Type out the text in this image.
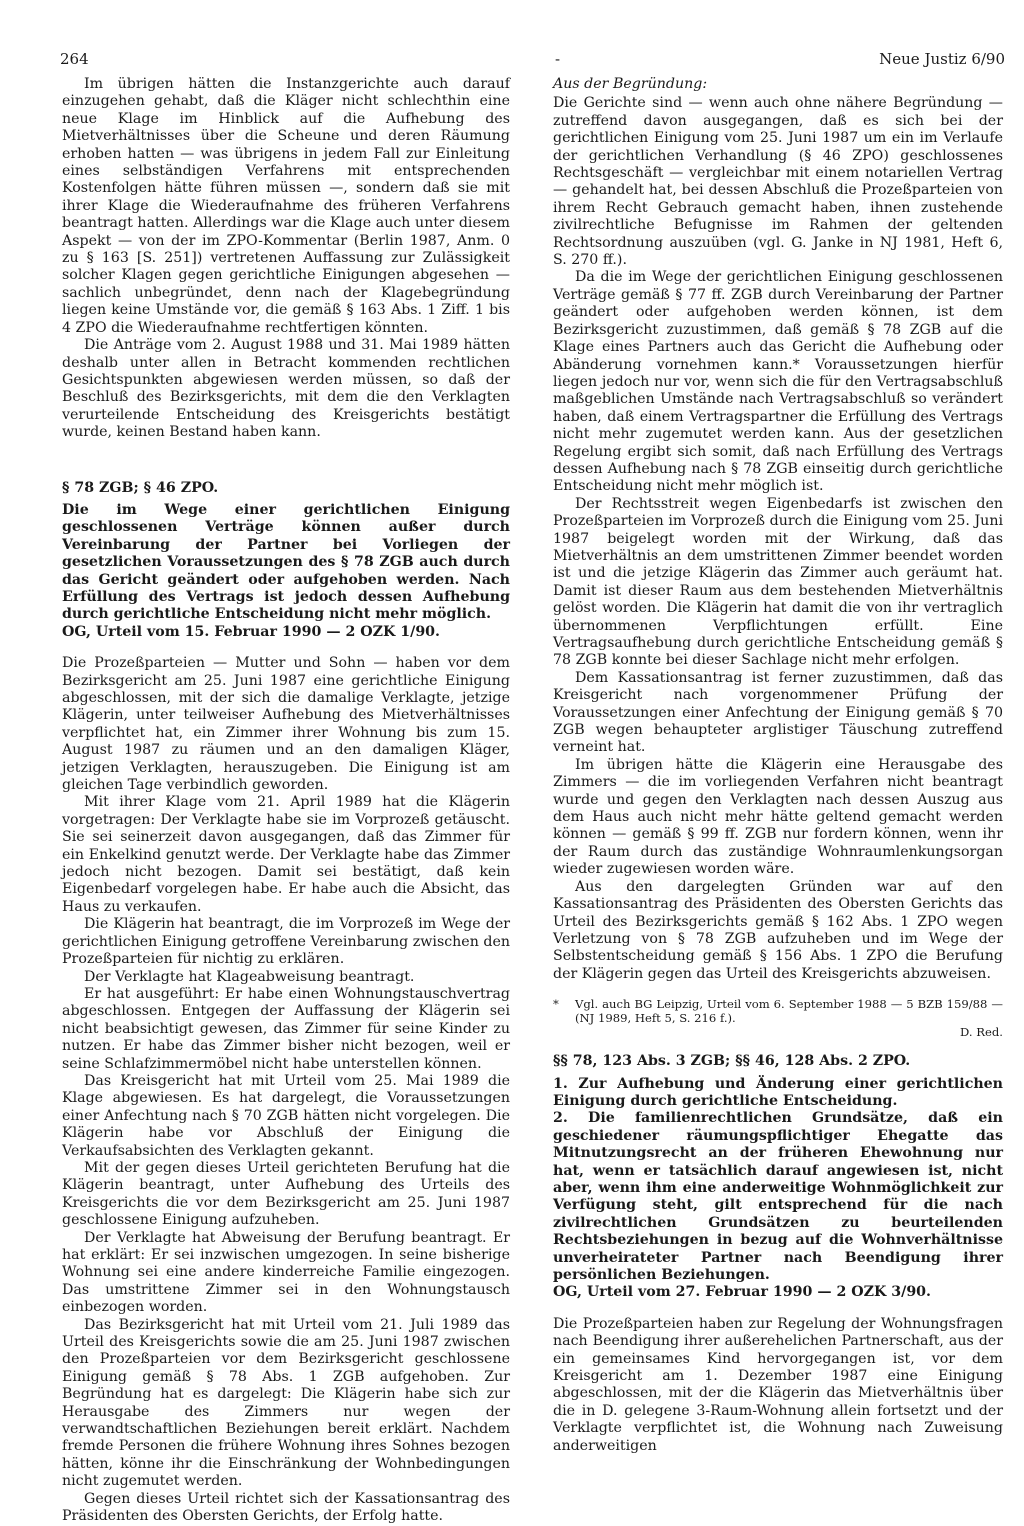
264	-	Neue Justiz 6/90

Im übrigen hätten die Instanzgerichte auch darauf einzugehen gehabt, daß die Kläger nicht schlechthin eine neue Klage im Hinblick auf die Aufhebung des Mietverhältnisses über die Scheune und deren Räumung erhoben hatten — was übrigens in jedem Fall zur Einleitung eines selbständigen Verfahrens mit entsprechenden Kostenfolgen hätte führen müssen —, sondern daß sie mit ihrer Klage die Wiederaufnahme des früheren Verfahrens beantragt hatten. Allerdings war die Klage auch unter diesem Aspekt — von der im ZPO-Kommentar (Berlin 1987, Anm. 0 zu § 163 [S. 251]) vertretenen Auffassung zur Zulässigkeit solcher Klagen gegen gerichtliche Einigungen abgesehen — sachlich unbegründet, denn nach der Klagebegründung liegen keine Umstände vor, die gemäß § 163 Abs. 1 Ziff. 1 bis 4 ZPO die Wiederaufnahme rechtfertigen könnten.

Die Anträge vom 2. August 1988 und 31. Mai 1989 hätten deshalb unter allen in Betracht kommenden rechtlichen Gesichtspunkten abgewiesen werden müssen, so daß der Beschluß des Bezirksgerichts, mit dem die den Verklagten verurteilende Entscheidung des Kreisgerichts bestätigt wurde, keinen Bestand haben kann.

§ 78 ZGB; § 46 ZPO.

Die im Wege einer gerichtlichen Einigung geschlossenen Verträge können außer durch Vereinbarung der Partner bei Vorliegen der gesetzlichen Voraussetzungen des § 78 ZGB auch durch das Gericht geändert oder aufgehoben werden. Nach Erfüllung des Vertrags ist jedoch dessen Aufhebung durch gerichtliche Entscheidung nicht mehr möglich.

OG, Urteil vom 15. Februar 1990 — 2 OZK 1/90.

Die Prozeßparteien — Mutter und Sohn — haben vor dem Bezirksgericht am 25. Juni 1987 eine gerichtliche Einigung abgeschlossen, mit der sich die damalige Verklagte, jetzige Klägerin, unter teilweiser Aufhebung des Mietverhältnisses verpflichtet hat, ein Zimmer ihrer Wohnung bis zum 15. August 1987 zu räumen und an den damaligen Kläger, jetzigen Verklagten, herauszugeben. Die Einigung ist am gleichen Tage verbindlich geworden.

Mit ihrer Klage vom 21. April 1989 hat die Klägerin vorgetragen: Der Verklagte habe sie im Vorprozeß getäuscht. Sie sei seinerzeit davon ausgegangen, daß das Zimmer für ein Enkelkind genutzt werde. Der Verklagte habe das Zimmer jedoch nicht bezogen. Damit sei bestätigt, daß kein Eigenbedarf vorgelegen habe. Er habe auch die Absicht, das Haus zu verkaufen.

Die Klägerin hat beantragt, die im Vorprozeß im Wege der gerichtlichen Einigung getroffene Vereinbarung zwischen den Prozeßparteien für nichtig zu erklären.

Der Verklagte hat Klageabweisung beantragt.

Er hat ausgeführt: Er habe einen Wohnungstauschvertrag abgeschlossen. Entgegen der Auffassung der Klägerin sei nicht beabsichtigt gewesen, das Zimmer für seine Kinder zu nutzen. Er habe das Zimmer bisher nicht bezogen, weil er seine Schlafzimmermöbel nicht habe unterstellen können.

Das Kreisgericht hat mit Urteil vom 25. Mai 1989 die Klage abgewiesen. Es hat dargelegt, die Voraussetzungen einer Anfechtung nach § 70 ZGB hätten nicht vorgelegen. Die Klägerin habe vor Abschluß der Einigung die Verkaufsabsichten des Verklagten gekannt.

Mit der gegen dieses Urteil gerichteten Berufung hat die Klägerin beantragt, unter Aufhebung des Urteils des Kreisgerichts die vor dem Bezirksgericht am 25. Juni 1987 geschlossene Einigung aufzuheben.

Der Verklagte hat Abweisung der Berufung beantragt. Er hat erklärt: Er sei inzwischen umgezogen. In seine bisherige Wohnung sei eine andere kinderreiche Familie eingezogen. Das umstrittene Zimmer sei in den Wohnungstausch einbezogen worden.

Das Bezirksgericht hat mit Urteil vom 21. Juli 1989 das Urteil des Kreisgerichts sowie die am 25. Juni 1987 zwischen den Prozeßparteien vor dem Bezirksgericht geschlossene Einigung gemäß § 78 Abs. 1 ZGB aufgehoben. Zur Begründung hat es dargelegt: Die Klägerin habe sich zur Herausgabe des Zimmers nur wegen der verwandtschaftlichen Beziehungen bereit erklärt. Nachdem fremde Personen die frühere Wohnung ihres Sohnes bezogen hätten, könne ihr die Einschränkung der Wohnbedingungen nicht zugemutet werden.

Gegen dieses Urteil richtet sich der Kassationsantrag des Präsidenten des Obersten Gerichts, der Erfolg hatte.

Aus der Begründung:

Die Gerichte sind — wenn auch ohne nähere Begründung — zutreffend davon ausgegangen, daß es sich bei der gerichtlichen Einigung vom 25. Juni 1987 um ein im Verlaufe der gerichtlichen Verhandlung (§ 46 ZPO) geschlossenes Rechtsgeschäft — vergleichbar mit einem notariellen Vertrag — gehandelt hat, bei dessen Abschluß die Prozeßparteien von ihrem Recht Gebrauch gemacht haben, ihnen zustehende zivilrechtliche Befugnisse im Rahmen der geltenden Rechtsordnung auszuüben (vgl. G. Janke in NJ 1981, Heft 6, S. 270 ff.).

Da die im Wege der gerichtlichen Einigung geschlossenen Verträge gemäß § 77 ff. ZGB durch Vereinbarung der Partner geändert oder aufgehoben werden können, ist dem Bezirksgericht zuzustimmen, daß gemäß § 78 ZGB auf die Klage eines Partners auch das Gericht die Aufhebung oder Abänderung vornehmen kann.* Voraussetzungen hierfür liegen jedoch nur vor, wenn sich die für den Vertragsabschluß maßgeblichen Umstände nach Vertragsabschluß so verändert haben, daß einem Vertragspartner die Erfüllung des Vertrags nicht mehr zugemutet werden kann. Aus der gesetzlichen Regelung ergibt sich somit, daß nach Erfüllung des Vertrags dessen Aufhebung nach § 78 ZGB einseitig durch gerichtliche Entscheidung nicht mehr möglich ist.

Der Rechtsstreit wegen Eigenbedarfs ist zwischen den Prozeßparteien im Vorprozeß durch die Einigung vom 25. Juni 1987 beigelegt worden mit der Wirkung, daß das Mietverhältnis an dem umstrittenen Zimmer beendet worden ist und die jetzige Klägerin das Zimmer auch geräumt hat. Damit ist dieser Raum aus dem bestehenden Mietverhältnis gelöst worden. Die Klägerin hat damit die von ihr vertraglich übernommenen Verpflichtungen erfüllt. Eine Vertragsaufhebung durch gerichtliche Entscheidung gemäß § 78 ZGB konnte bei dieser Sachlage nicht mehr erfolgen.

Dem Kassationsantrag ist ferner zuzustimmen, daß das Kreisgericht nach vorgenommener Prüfung der Voraussetzungen einer Anfechtung der Einigung gemäß § 70 ZGB wegen behaupteter arglistiger Täuschung zutreffend verneint hat.

Im übrigen hätte die Klägerin eine Herausgabe des Zimmers — die im vorliegenden Verfahren nicht beantragt wurde und gegen den Verklagten nach dessen Auszug aus dem Haus auch nicht mehr hätte geltend gemacht werden können — gemäß § 99 ff. ZGB nur fordern können, wenn ihr der Raum durch das zuständige Wohnraumlenkungsorgan wieder zugewiesen worden wäre.

Aus den dargelegten Gründen war auf den Kassationsantrag des Präsidenten des Obersten Gerichts das Urteil des Bezirksgerichts gemäß § 162 Abs. 1 ZPO wegen Verletzung von § 78 ZGB aufzuheben und im Wege der Selbstentscheidung gemäß § 156 Abs. 1 ZPO die Berufung der Klägerin gegen das Urteil des Kreisgerichts abzuweisen.

*	Vgl. auch BG Leipzig, Urteil vom 6. September 1988 — 5 BZB 159/88 — (NJ 1989, Heft 5, S. 216 f.).
D. Red.

§§ 78, 123 Abs. 3 ZGB; §§ 46, 128 Abs. 2 ZPO.

1. Zur Aufhebung und Änderung einer gerichtlichen Einigung durch gerichtliche Entscheidung.

2. Die familienrechtlichen Grundsätze, daß ein geschiedener räumungspflichtiger Ehegatte das Mitnutzungsrecht an der früheren Ehewohnung nur hat, wenn er tatsächlich darauf angewiesen ist, nicht aber, wenn ihm eine anderweitige Wohnmöglichkeit zur Verfügung steht, gilt entsprechend für die nach zivilrechtlichen Grundsätzen zu beurteilenden Rechtsbeziehungen in bezug auf die Wohnverhältnisse unverheirateter Partner nach Beendigung ihrer persönlichen Beziehungen.

OG, Urteil vom 27. Februar 1990 — 2 OZK 3/90.

Die Prozeßparteien haben zur Regelung der Wohnungsfragen nach Beendigung ihrer außerehelichen Partnerschaft, aus der ein gemeinsames Kind hervorgegangen ist, vor dem Kreisgericht am 1. Dezember 1987 eine Einigung abgeschlossen, mit der die Klägerin das Mietverhältnis über die in D. gelegene 3-Raum-Wohnung allein fortsetzt und der Verklagte verpflichtet ist, die Wohnung nach Zuweisung anderweitigen
